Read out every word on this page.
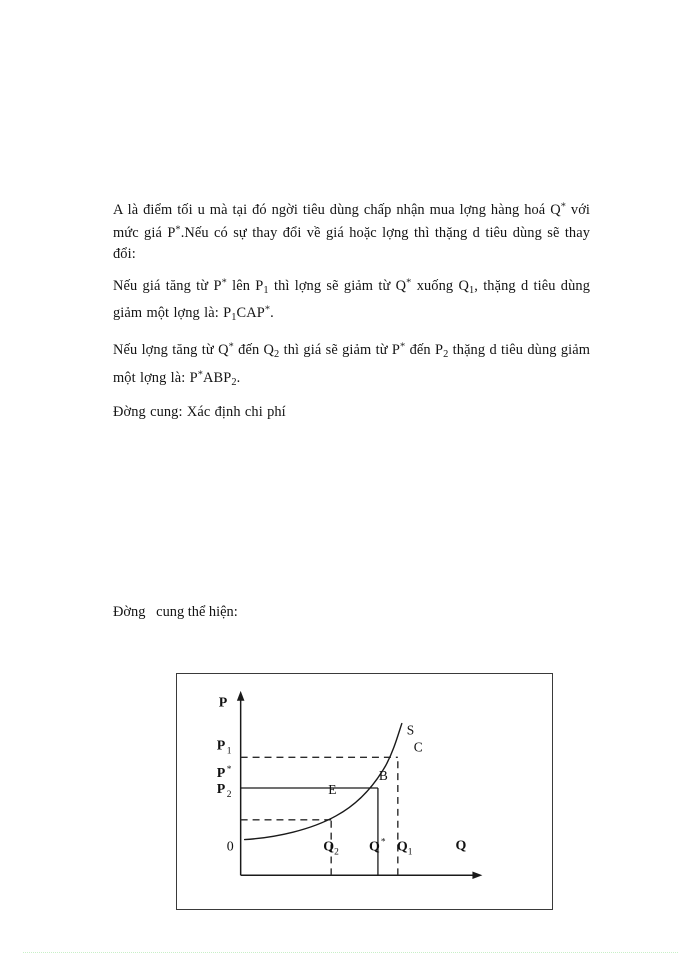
A là điểm tối u mà tại đó ngời tiêu dùng chấp nhận mua lợng hàng hoá Q* với mức giá P*.Nếu có sự thay đổi về giá hoặc lợng thì thặng d tiêu dùng sẽ thay đổi:

Nếu giá tăng từ P* lên $P_1$ thì lợng sẽ giảm từ Q* xuống $Q_1$, thặng d tiêu dùng giảm một lợng là: $P_1CAP^*$.

Nếu lợng tăng từ Q* đến $Q_2$ thì giá sẽ giảm từ P* đến $P_2$ thặng d tiêu dùng giảm một lợng là: $P^*ABP_2$.

Đờng cung: Xác định chi phí

Đờng   cung thể hiện:
P
Q
0
P 1
P *
P 2
Q 2 Q * Q 1
S
C
B
E
